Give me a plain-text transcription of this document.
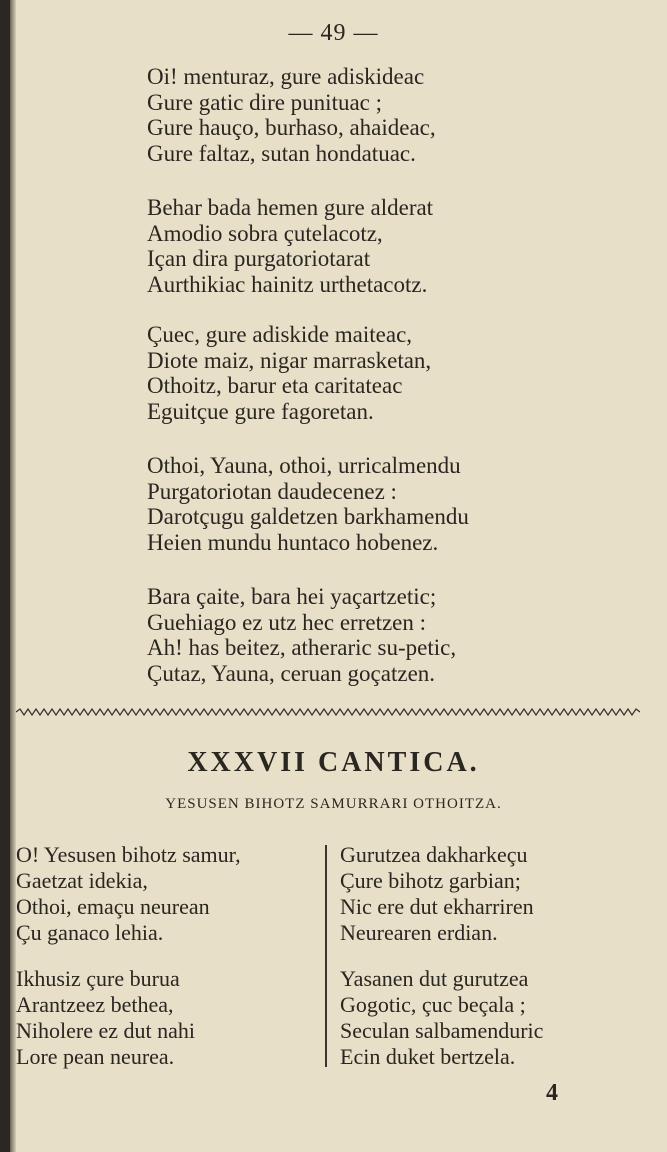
— 49 —
Oi! menturaz, gure adiskideac
Gure gatic dire punituac ;
Gure hauço, burhaso, ahaideac,
Gure faltaz, sutan hondatuac.
Behar bada hemen gure alderat
Amodio sobra çutelacotz,
Içan dira purgatoriotarat
Aurthikiac hainitz urthetacotz.
Çuec, gure adiskide maiteac,
Diote maiz, nigar marrasketan,
Othoitz, barur eta caritateac
Eguitçue gure fagoretan.
Othoi, Yauna, othoi, urricalmendu
Purgatoriotan daudecenez :
Darotçugu galdetzen barkhamendu
Heien mundu huntaco hobenez.
Bara çaite, bara hei yaçartzetic;
Guehiago ez utz hec erretzen :
Ah! has beitez, atheraric su-petic,
Çutaz, Yauna, ceruan goçatzen.
XXXVII CANTICA.
YESUSEN BIHOTZ SAMURRARI OTHOITZA.
O! Yesusen bihotz samur,
Gaetzat idekia,
Othoi, emaçu neurean
Çu ganaco lehia.
Ikhusiz çure burua
Arantzeez bethea,
Niholere ez dut nahi
Lore pean neurea.
Gurutzea dakharkeçu
Çure bihotz garbian;
Nic ere dut ekharriren
Neurearen erdian.
Yasanen dut gurutzea
Gogotic, çuc beçala ;
Seculan salbamenduric
Ecin duket bertzela.
4
